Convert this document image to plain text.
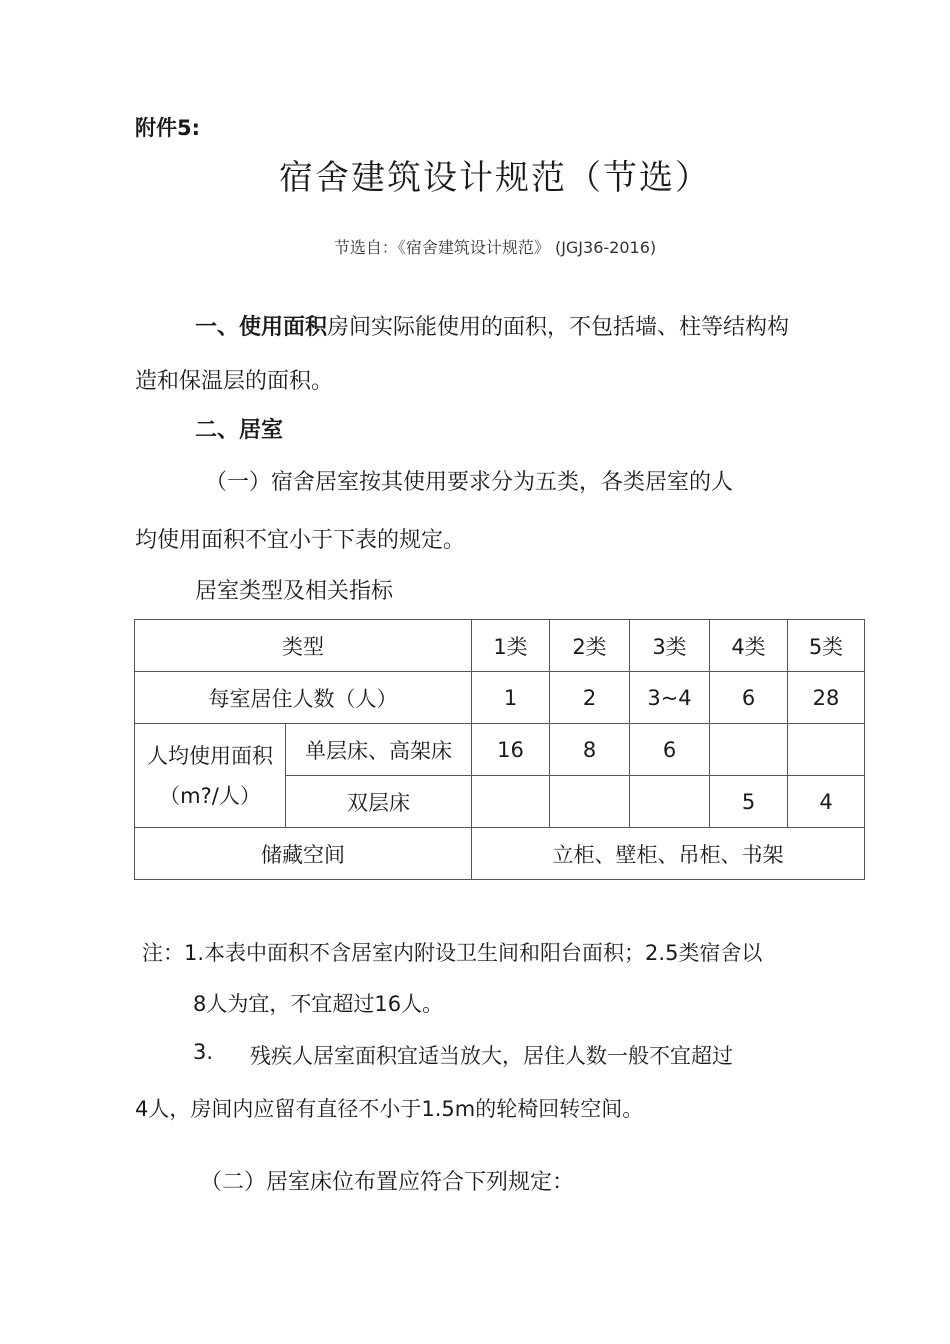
附件5:
宿舍建筑设计规范（节选）
节选自：《宿舍建筑设计规范》 (JGJ36-2016)
一、使用面积房间实际能使用的面积，不包括墙、柱等结构构
造和保温层的面积。
二、居室
（一）宿舍居室按其使用要求分为五类，各类居室的人
均使用面积不宜小于下表的规定。
居室类型及相关指标
类型		1类	2类	3类	4类	5类
每室居住人数（人）		1	2	3~4	6	28
人均使用面积（m?/人）	单层床、高架床	16	8	6		
	双层床				5	4
储藏空间		立柜、壁柜、吊柜、书架				
注：1.本表中面积不含居室内附设卫生间和阳台面积；2.5类宿舍以
8人为宜，不宜超过16人。
3. 残疾人居室面积宜适当放大，居住人数一般不宜超过
4人，房间内应留有直径不小于1.5m的轮椅回转空间。
（二）居室床位布置应符合下列规定：
